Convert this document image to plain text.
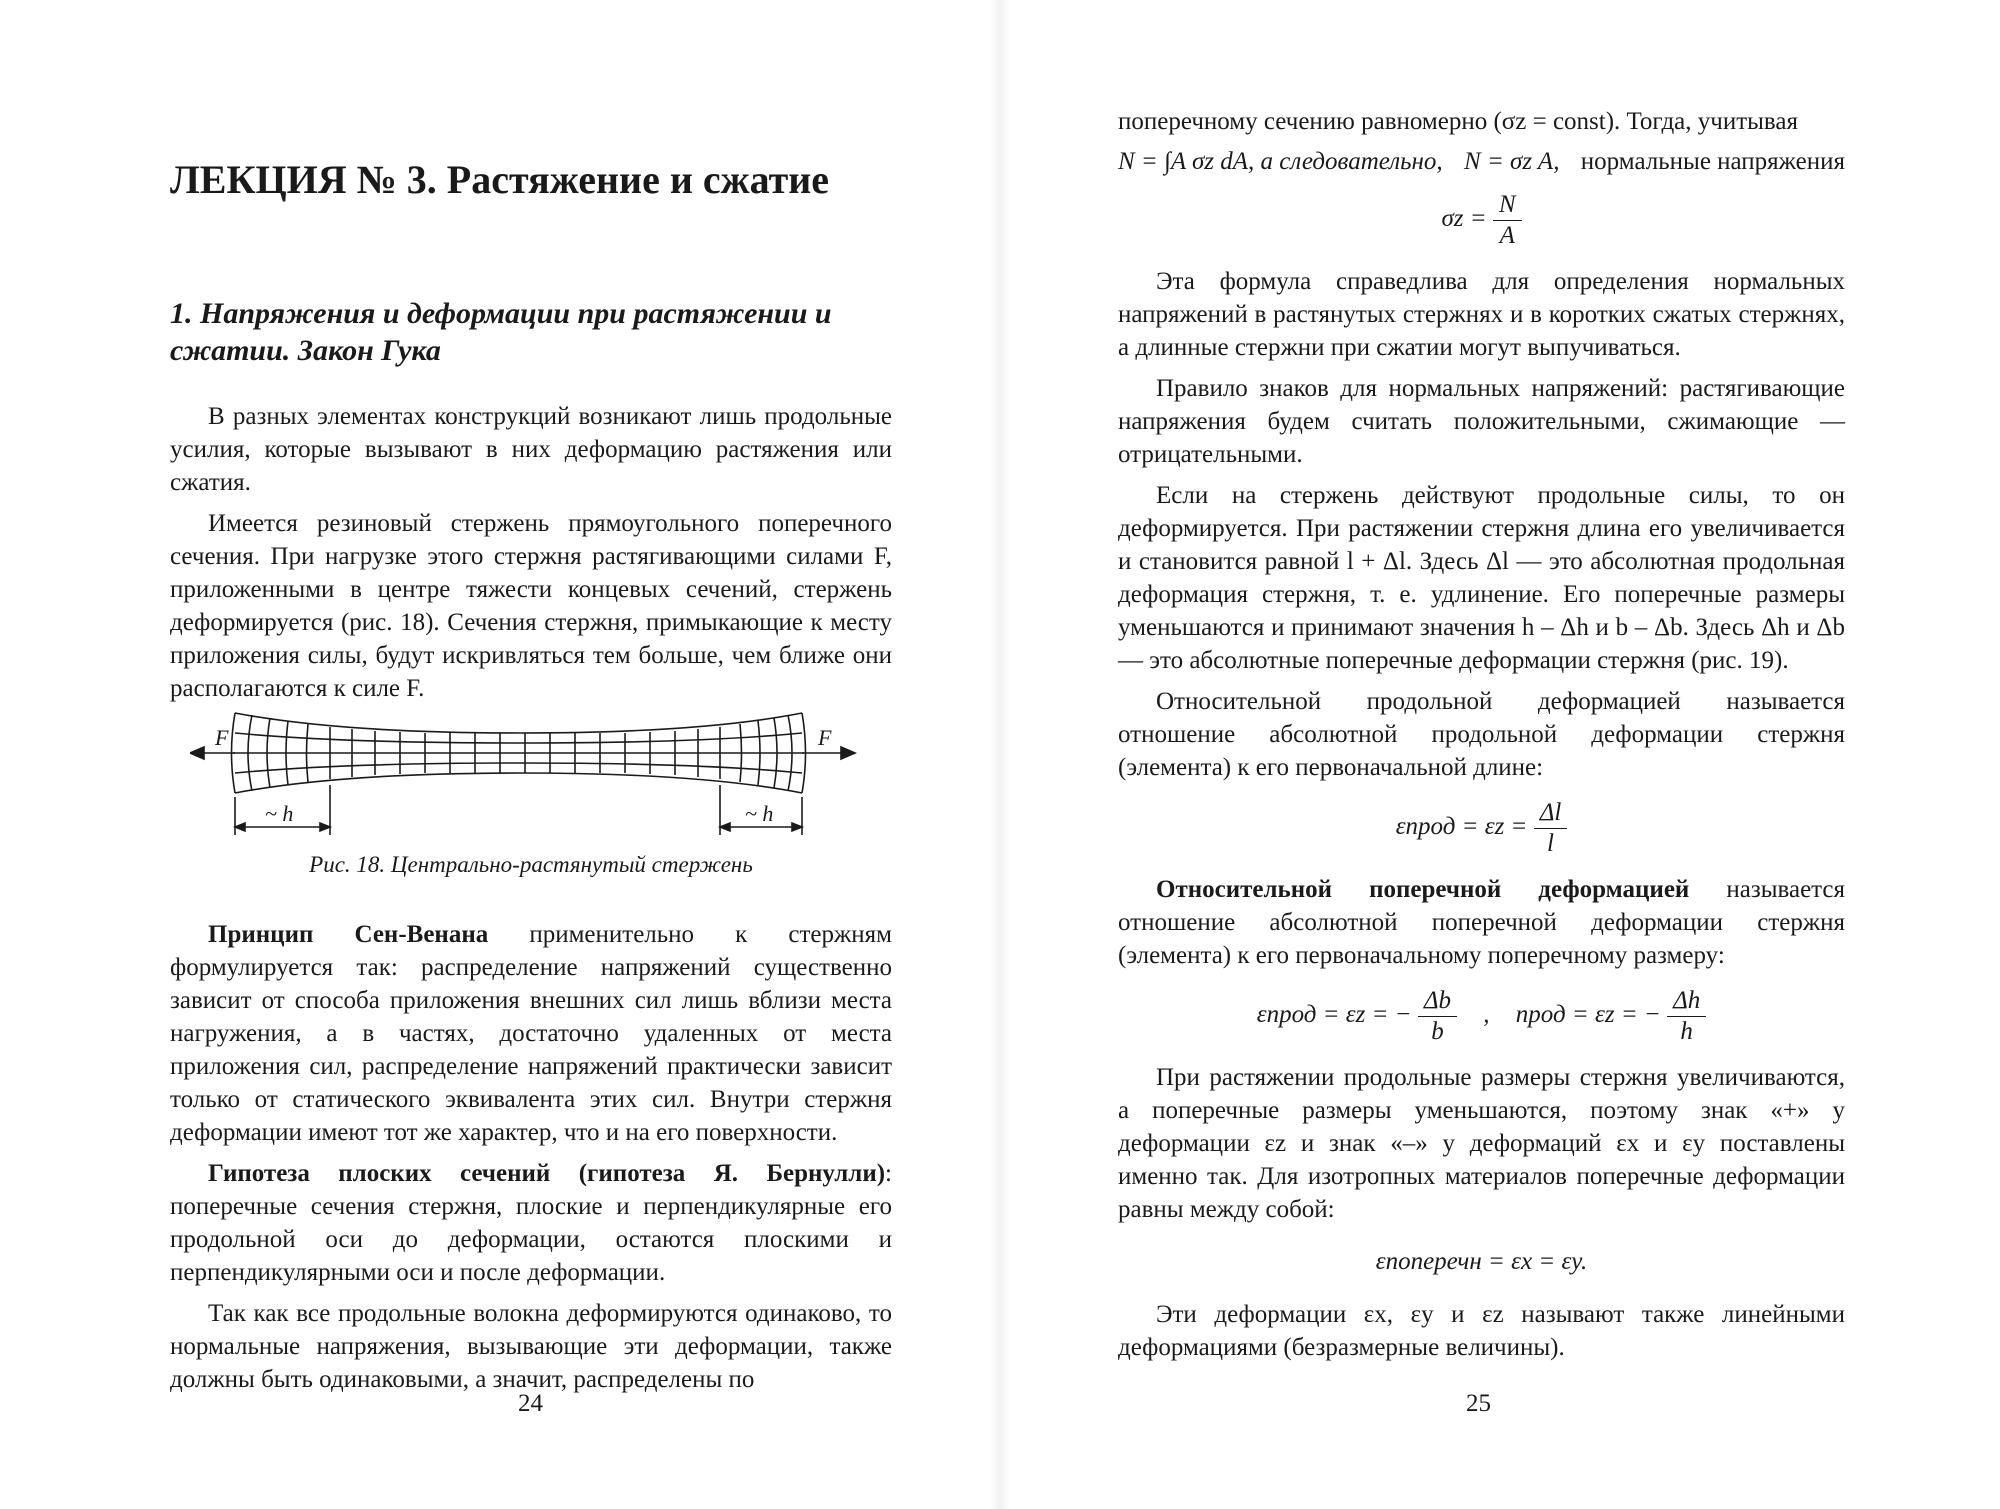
ЛЕКЦИЯ № 3. Растяжение и сжатие
1. Напряжения и деформации при растяжении и сжатии. Закон Гука

В разных элементах конструкций возникают лишь продольные усилия, которые вызывают в них деформацию растяжения или сжатия.

Имеется резиновый стержень прямоугольного поперечного сечения. При нагрузке этого стержня растягивающими силами F, приложенными в центре тяжести концевых сечений, стержень деформируется (рис. 18). Сечения стержня, примыкающие к месту приложения силы, будут искривляться тем больше, чем ближе они располагаются к силе F.

F	F
~ h	~ h
Рис. 18. Центрально-растянутый стержень

Принцип Сен-Венана применительно к стержням формулируется так: распределение напряжений существенно зависит от способа приложения внешних сил лишь вблизи места нагружения, а в частях, достаточно удаленных от места приложения сил, распределение напряжений практически зависит только от статического эквивалента этих сил. Внутри стержня деформации имеют тот же характер, что и на его поверхности.

Гипотеза плоских сечений (гипотеза Я. Бернулли): поперечные сечения стержня, плоские и перпендикулярные его продольной оси до деформации, остаются плоскими и перпендикулярными оси и после деформации.

Так как все продольные волокна деформируются одинаково, то нормальные напряжения, вызывающие эти деформации, также должны быть одинаковыми, а значит, распределены по

24

поперечному сечению равномерно (σz = const). Тогда, учитывая

N = ∫A σz dA, а следовательно, N = σz A, нормальные напряжения
$\sigma z = \frac{N}{A}$

Эта формула справедлива для определения нормальных напряжений в растянутых стержнях и в коротких сжатых стержнях, а длинные стержни при сжатии могут выпучиваться.

Правило знаков для нормальных напряжений: растягивающие напряжения будем считать положительными, сжимающие — отрицательными.

Если на стержень действуют продольные силы, то он деформируется. При растяжении стержня длина его увеличивается и становится равной l + Δl. Здесь Δl — это абсолютная продольная деформация стержня, т. е. удлинение. Его поперечные размеры уменьшаются и принимают значения h – Δh и b – Δb. Здесь Δh и Δb — это абсолютные поперечные деформации стержня (рис. 19).

Относительной продольной деформацией называется отношение абсолютной продольной деформации стержня (элемента) к его первоначальной длине:

εпрод = $\varepsilon z = \frac{\Delta l}{l}$

Относительной поперечной деформацией называется отношение абсолютной поперечной деформации стержня (элемента) к его первоначальному поперечному размеру:

εпрод = εz = − $\frac{\Delta b}{b}$ , прод = εz = − $\frac{\Delta h}{h}$

При растяжении продольные размеры стержня увеличиваются, а поперечные размеры уменьшаются, поэтому знак «+» у деформации εz и знак «–» у деформаций εx и εy поставлены именно так. Для изотропных материалов поперечные деформации равны между собой:

εпоперечн = εx = εy.

Эти деформации εx, εy и εz называют также линейными деформациями (безразмерные величины).

25
